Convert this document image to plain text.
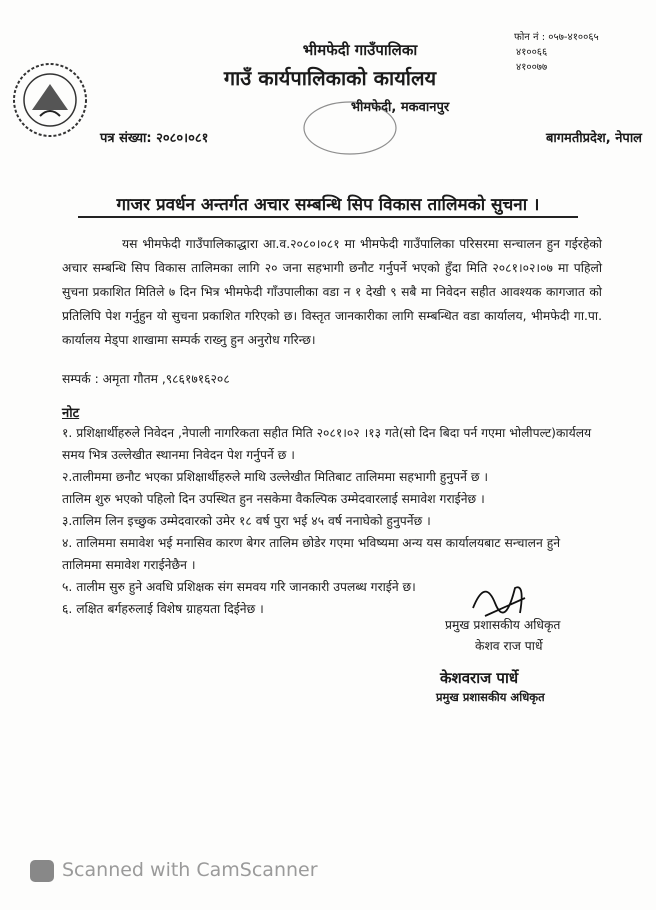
फोन नं : ०५७-४१००६५
४१००६६
४१००७७
भीमफेदी गाउँपालिका
गाउँ कार्यपालिकाको कार्यालय
भीमफेदी, मकवानपुर
पत्र संख्या: २०८०।०८१	बागमतीप्रदेश, नेपाल
गाजर प्रवर्धन अन्तर्गत अचार सम्बन्धि सिप विकास तालिमको सुचना ।
यस भीमफेदी गाउँपालिकाद्धारा आ.व.२०८०।०८१ मा भीमफेदी गाउँपालिका परिसरमा सन्चालन हुन गईरहेको अचार सम्बन्धि सिप विकास तालिमका लागि २० जना सहभागी छनौट गर्नुपर्ने भएको हुँदा मिति २०८१।०२।०७ मा पहिलो सुचना प्रकाशित मितिले ७ दिन भित्र भीमफेदी गाँउपालीका वडा न १ देखी ९ सबै मा निवेदन सहीत आवश्यक कागजात को प्रतिलिपि पेश गर्नुहुन यो सुचना प्रकाशित गरिएको छ। विस्तृत जानकारीका लागि सम्बन्धित वडा कार्यालय, भीमफेदी गा.पा. कार्यालय मेड्पा शाखामा सम्पर्क राख्नु हुन अनुरोध गरिन्छ।
सम्पर्क : अमृता गौतम ,९८६१७१६२०८
नोट
१. प्रशिक्षार्थीहरुले निवेदन ,नेपाली नागरिकता सहीत मिति २०८१।०२ ।१३ गते(सो दिन बिदा पर्न गएमा भोलीपल्ट)कार्यलय समय भित्र उल्लेखीत स्थानमा निवेदन पेश गर्नुपर्ने छ ।
२.तालीममा छनौट भएका प्रशिक्षार्थीहरुले माथि उल्लेखीत मितिबाट तालिममा सहभागी हुनुपर्ने छ ।
तालिम शुरु भएको पहिलो दिन उपस्थित हुन नसकेमा वैकल्पिक उम्मेदवारलाई समावेश गराईनेछ ।
३.तालिम लिन इच्छुक उम्मेदवारको उमेर १८ वर्ष पुरा भई ४५ वर्ष ननाघेको हुनुपर्नेछ ।
४. तालिममा समावेश भई मनासिव कारण बेगर तालिम छोडेर गएमा भविष्यमा अन्य यस कार्यालयबाट सन्चालन हुने तालिममा समावेश गराईनेछैन ।
५. तालीम सुरु हुने अवधि प्रशिक्षक संग समवय गरि जानकारी उपलब्ध गराईने छ।
६. लक्षित बर्गहरुलाई विशेष ग्राहयता दिईनेछ ।
प्रमुख प्रशासकीय अधिकृत
केशव राज पार्धे
केशवराज पार्धे
प्रमुख प्रशासकीय अधिकृत
Scanned with CamScanner
